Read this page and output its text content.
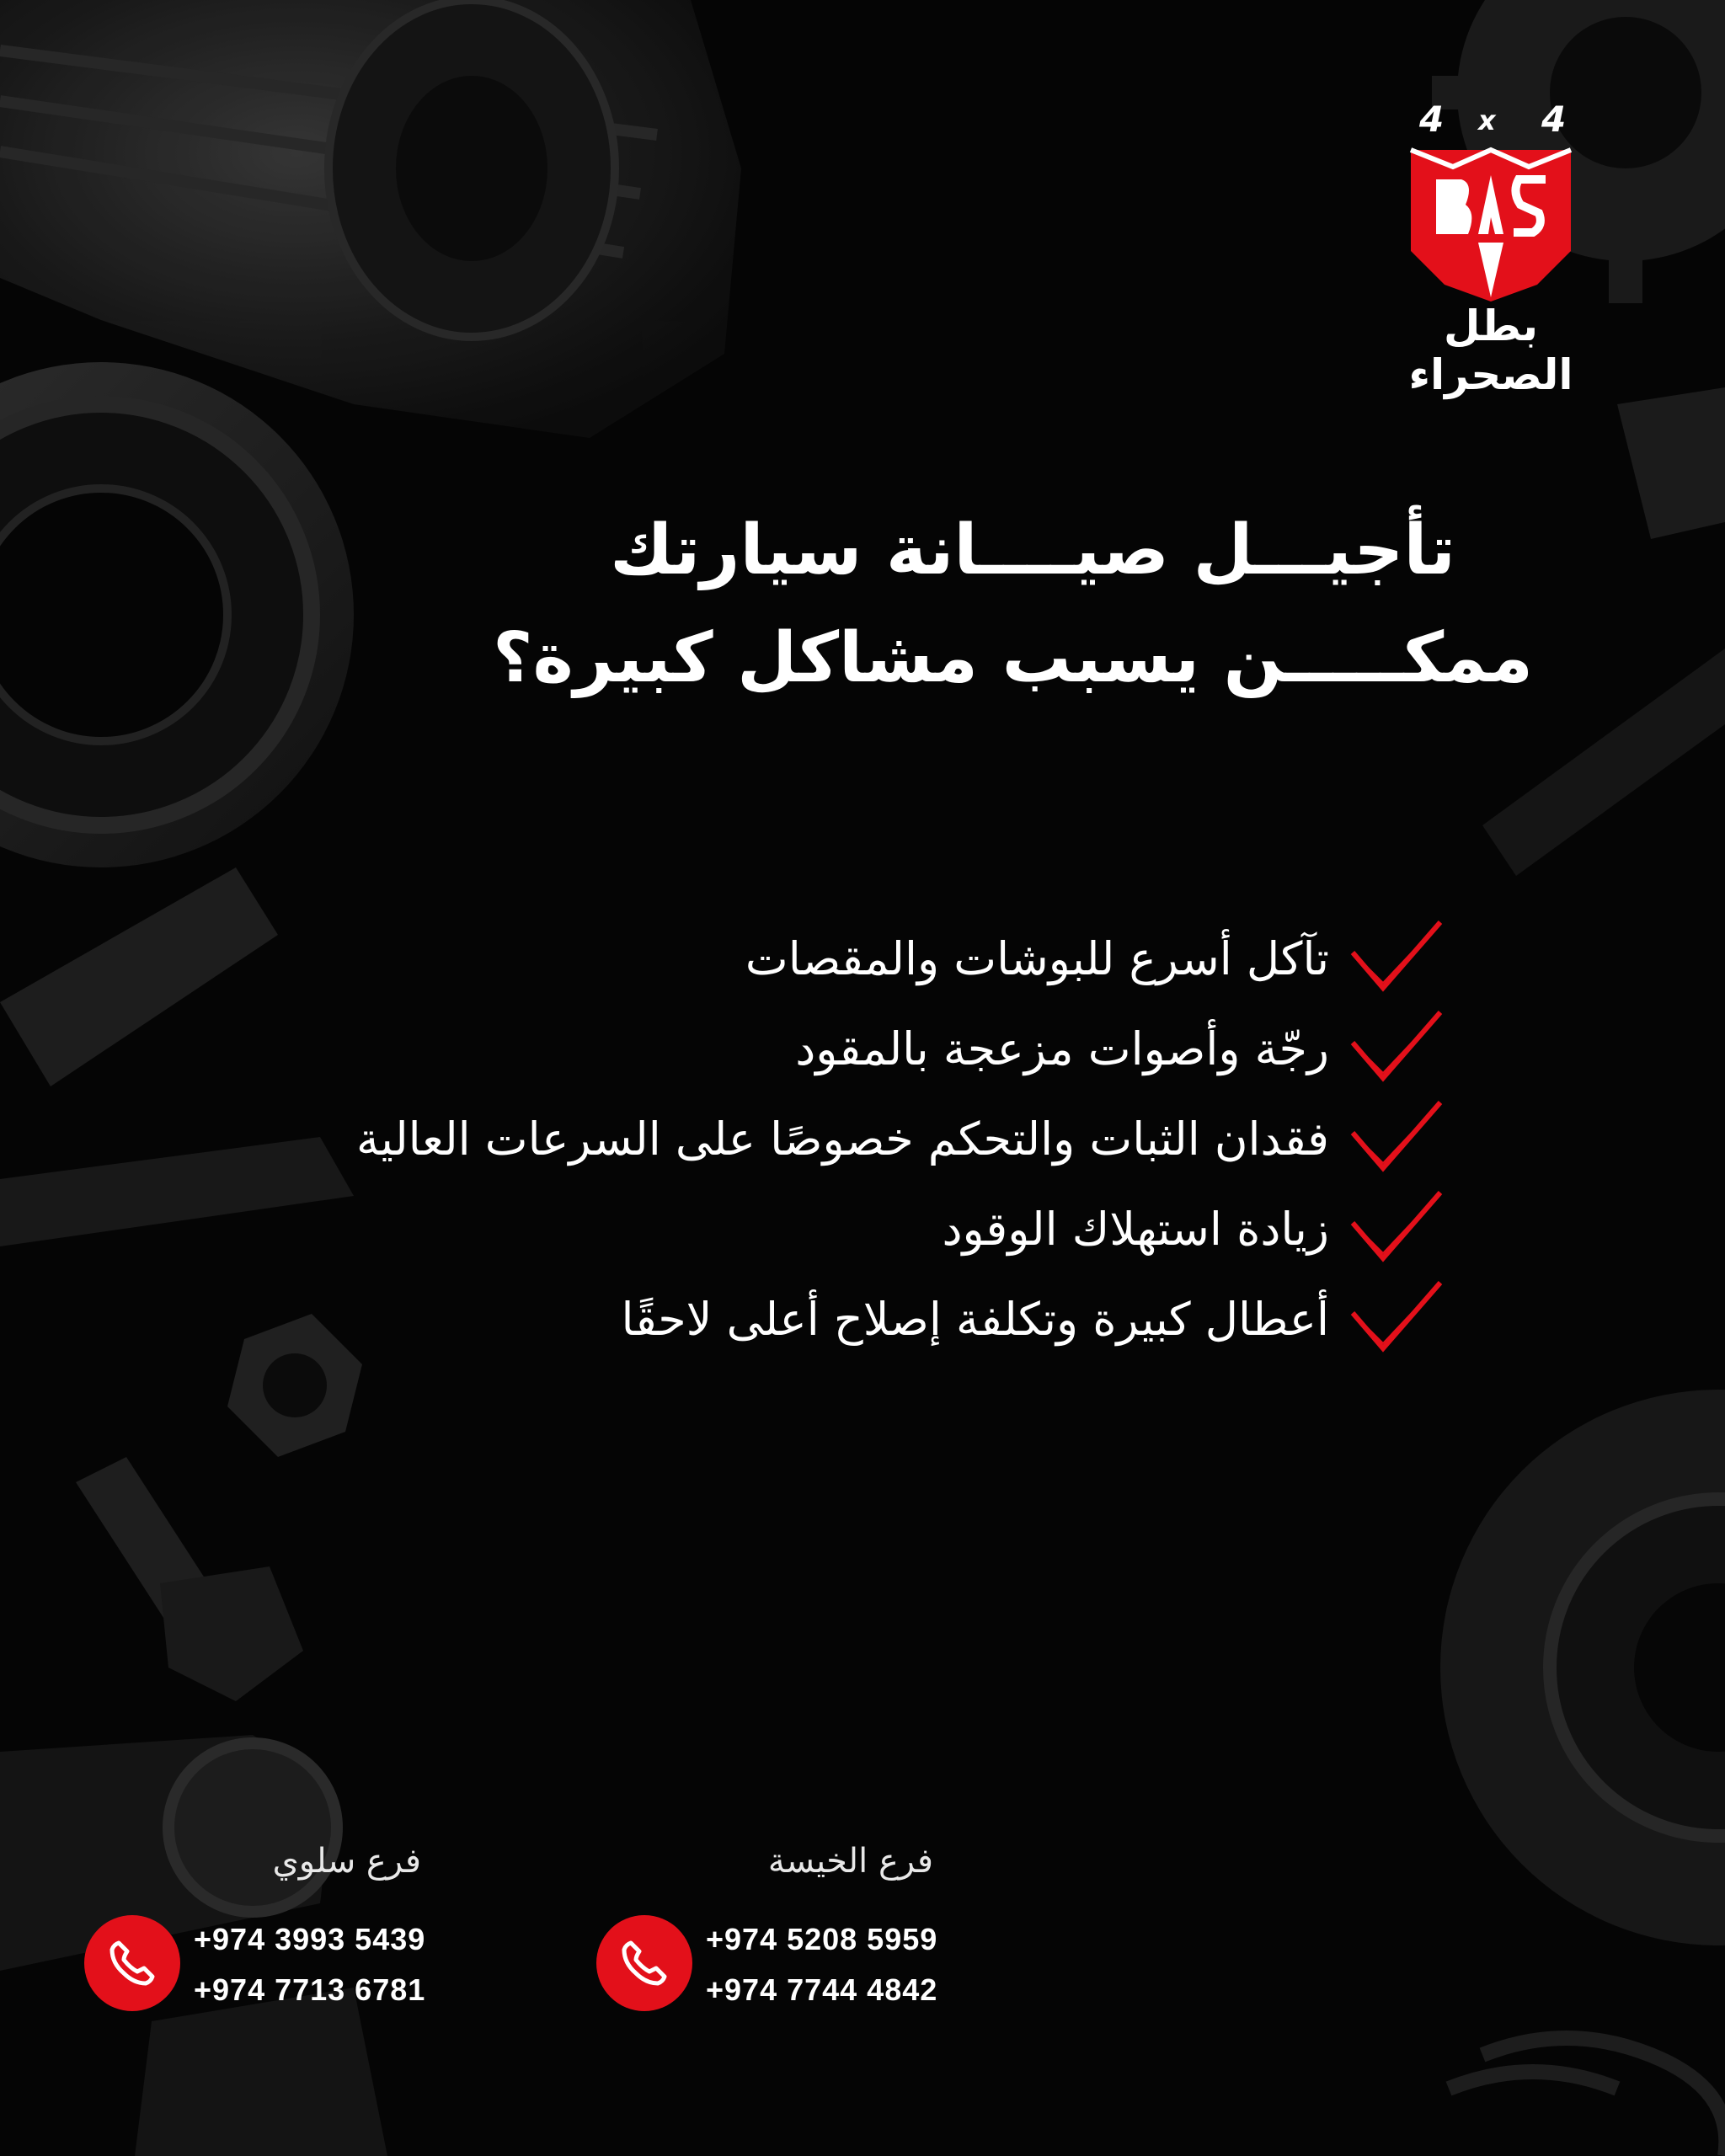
4 x 4
بطل الصحراء
تأجيـــل صيــــانة سيارتك
ممكـــــن يسبب مشاكل كبيرة؟
تآكل أسرع للبوشات والمقصات
رجّة وأصوات مزعجة بالمقود
فقدان الثبات والتحكم خصوصًا على السرعات العالية
زيادة استهلاك الوقود
أعطال كبيرة وتكلفة إصلاح أعلى لاحقًا
فرع سلوي
+974 3993 5439
+974 7713 6781
فرع الخيسة
+974 5208 5959
+974 7744 4842
